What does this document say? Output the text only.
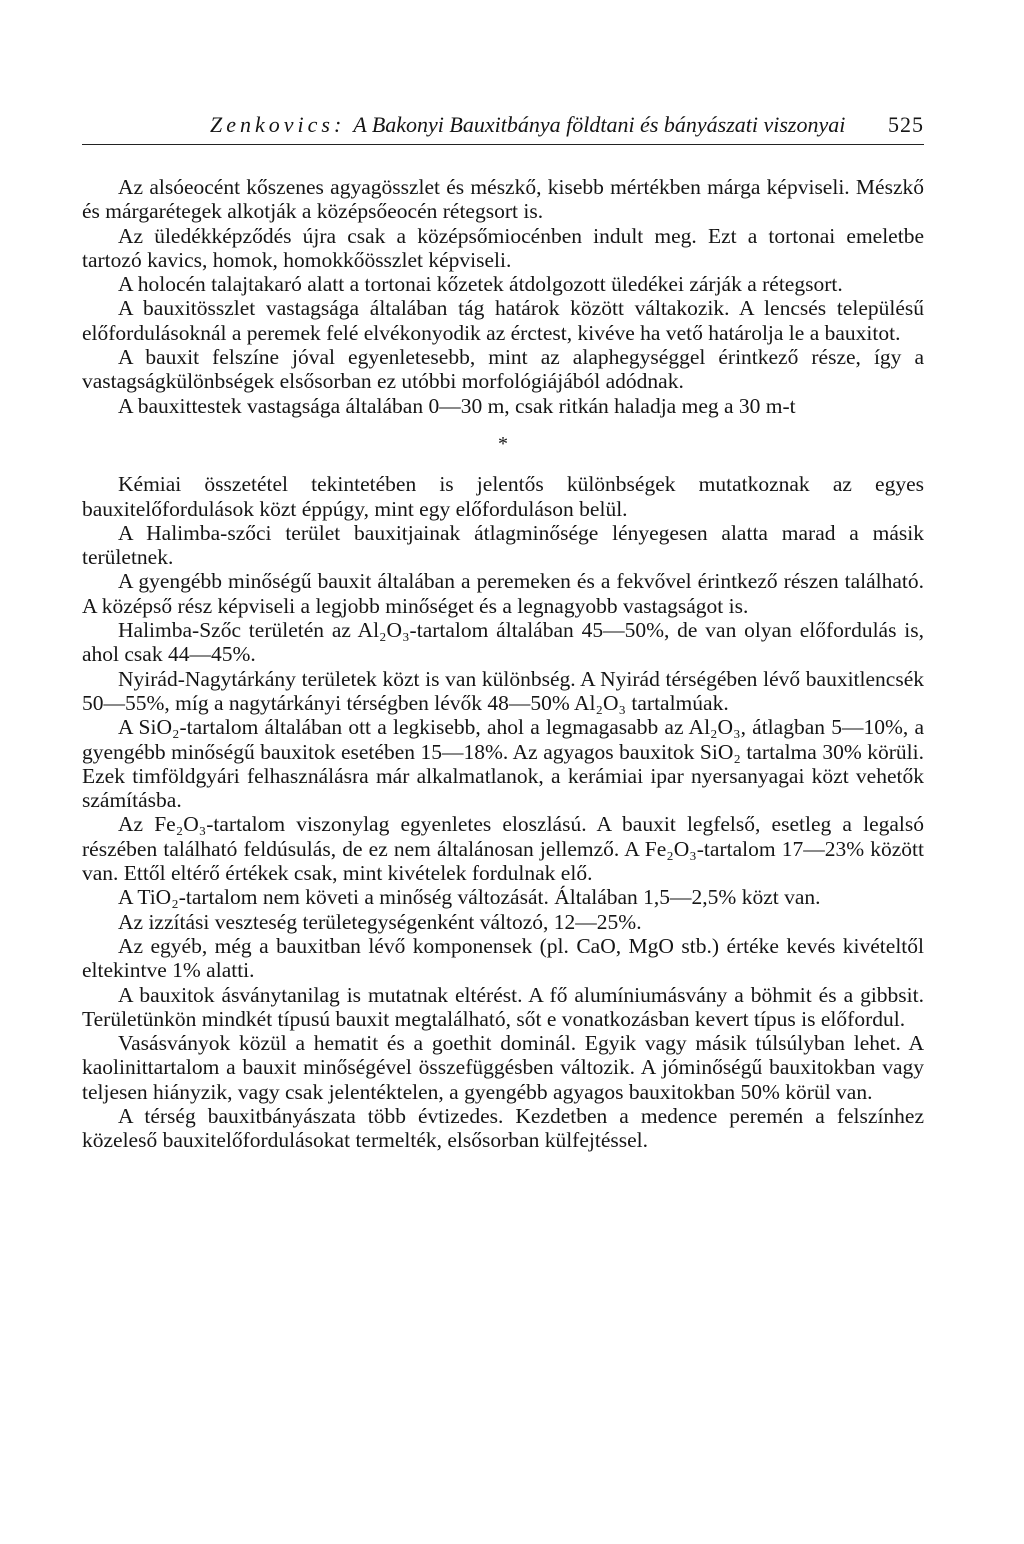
Zenkovics: A Bakonyi Bauxitbánya földtani és bányászati viszonyai	525

Az alsóeocént kőszenes agyagösszlet és mészkő, kisebb mértékben márga képviseli. Mészkő és márgarétegek alkotják a középsőeocén rétegsort is.

Az üledékképződés újra csak a középsőmiocénben indult meg. Ezt a tortonai emeletbe tartozó kavics, homok, homokkőösszlet képviseli.

A holocén talajtakaró alatt a tortonai kőzetek átdolgozott üledékei zárják a rétegsort.

A bauxitösszlet vastagsága általában tág határok között váltakozik. A lencsés településű előfordulásoknál a peremek felé elvékonyodik az érctest, kivéve ha vető határolja le a bauxitot.

A bauxit felszíne jóval egyenletesebb, mint az alaphegységgel érintkező része, így a vastagságkülönbségek elsősorban ez utóbbi morfológiájából adódnak.

A bauxittestek vastagsága általában 0—30 m, csak ritkán haladja meg a 30 m-t

*

Kémiai összetétel tekintetében is jelentős különbségek mutatkoznak az egyes bauxitelőfordulások közt éppúgy, mint egy előforduláson belül.

A Halimba-szőci terület bauxitjainak átlagminősége lényegesen alatta marad a másik területnek.

A gyengébb minőségű bauxit általában a peremeken és a fekvővel érintkező részen található. A középső rész képviseli a legjobb minőséget és a legnagyobb vastagságot is.

Halimba-Szőc területén az Al₂O₃-tartalom általában 45—50%, de van olyan előfordulás is, ahol csak 44—45%.

Nyirád-Nagytárkány területek közt is van különbség. A Nyirád térségében lévő bauxitlencsék 50—55%, míg a nagytárkányi térségben lévők 48—50% Al₂O₃ tartalmúak.

A SiO₂-tartalom általában ott a legkisebb, ahol a legmagasabb az Al₂O₃, átlagban 5—10%, a gyengébb minőségű bauxitok esetében 15—18%. Az agyagos bauxitok SiO₂ tartalma 30% körüli. Ezek timföldgyári felhasználásra már alkalmatlanok, a kerámiai ipar nyersanyagai közt vehetők számításba.

Az Fe₂O₃-tartalom viszonylag egyenletes eloszlású. A bauxit legfelső, esetleg a legalsó részében található feldúsulás, de ez nem általánosan jellemző. A Fe₂O₃-tartalom 17—23% között van. Ettől eltérő értékek csak, mint kivételek fordulnak elő.

A TiO₂-tartalom nem követi a minőség változását. Általában 1,5—2,5% közt van.

Az izzítási veszteség területegységenként változó, 12—25%.

Az egyéb, még a bauxitban lévő komponensek (pl. CaO, MgO stb.) értéke kevés kivételtől eltekintve 1% alatti.

A bauxitok ásványtanilag is mutatnak eltérést. A fő alumíniumásvány a böhmit és a gibbsit. Területünkön mindkét típusú bauxit megtalálható, sőt e vonatkozásban kevert típus is előfordul.

Vasásványok közül a hematit és a goethit dominál. Egyik vagy másik túlsúlyban lehet. A kaolinittartalom a bauxit minőségével összefüggésben változik. A jóminőségű bauxitokban vagy teljesen hiányzik, vagy csak jelentéktelen, a gyengébb agyagos bauxitokban 50% körül van.

A térség bauxitbányászata több évtizedes. Kezdetben a medence peremén a felszínhez közeleső bauxitelőfordulásokat termelték, elsősorban külfejtéssel.
